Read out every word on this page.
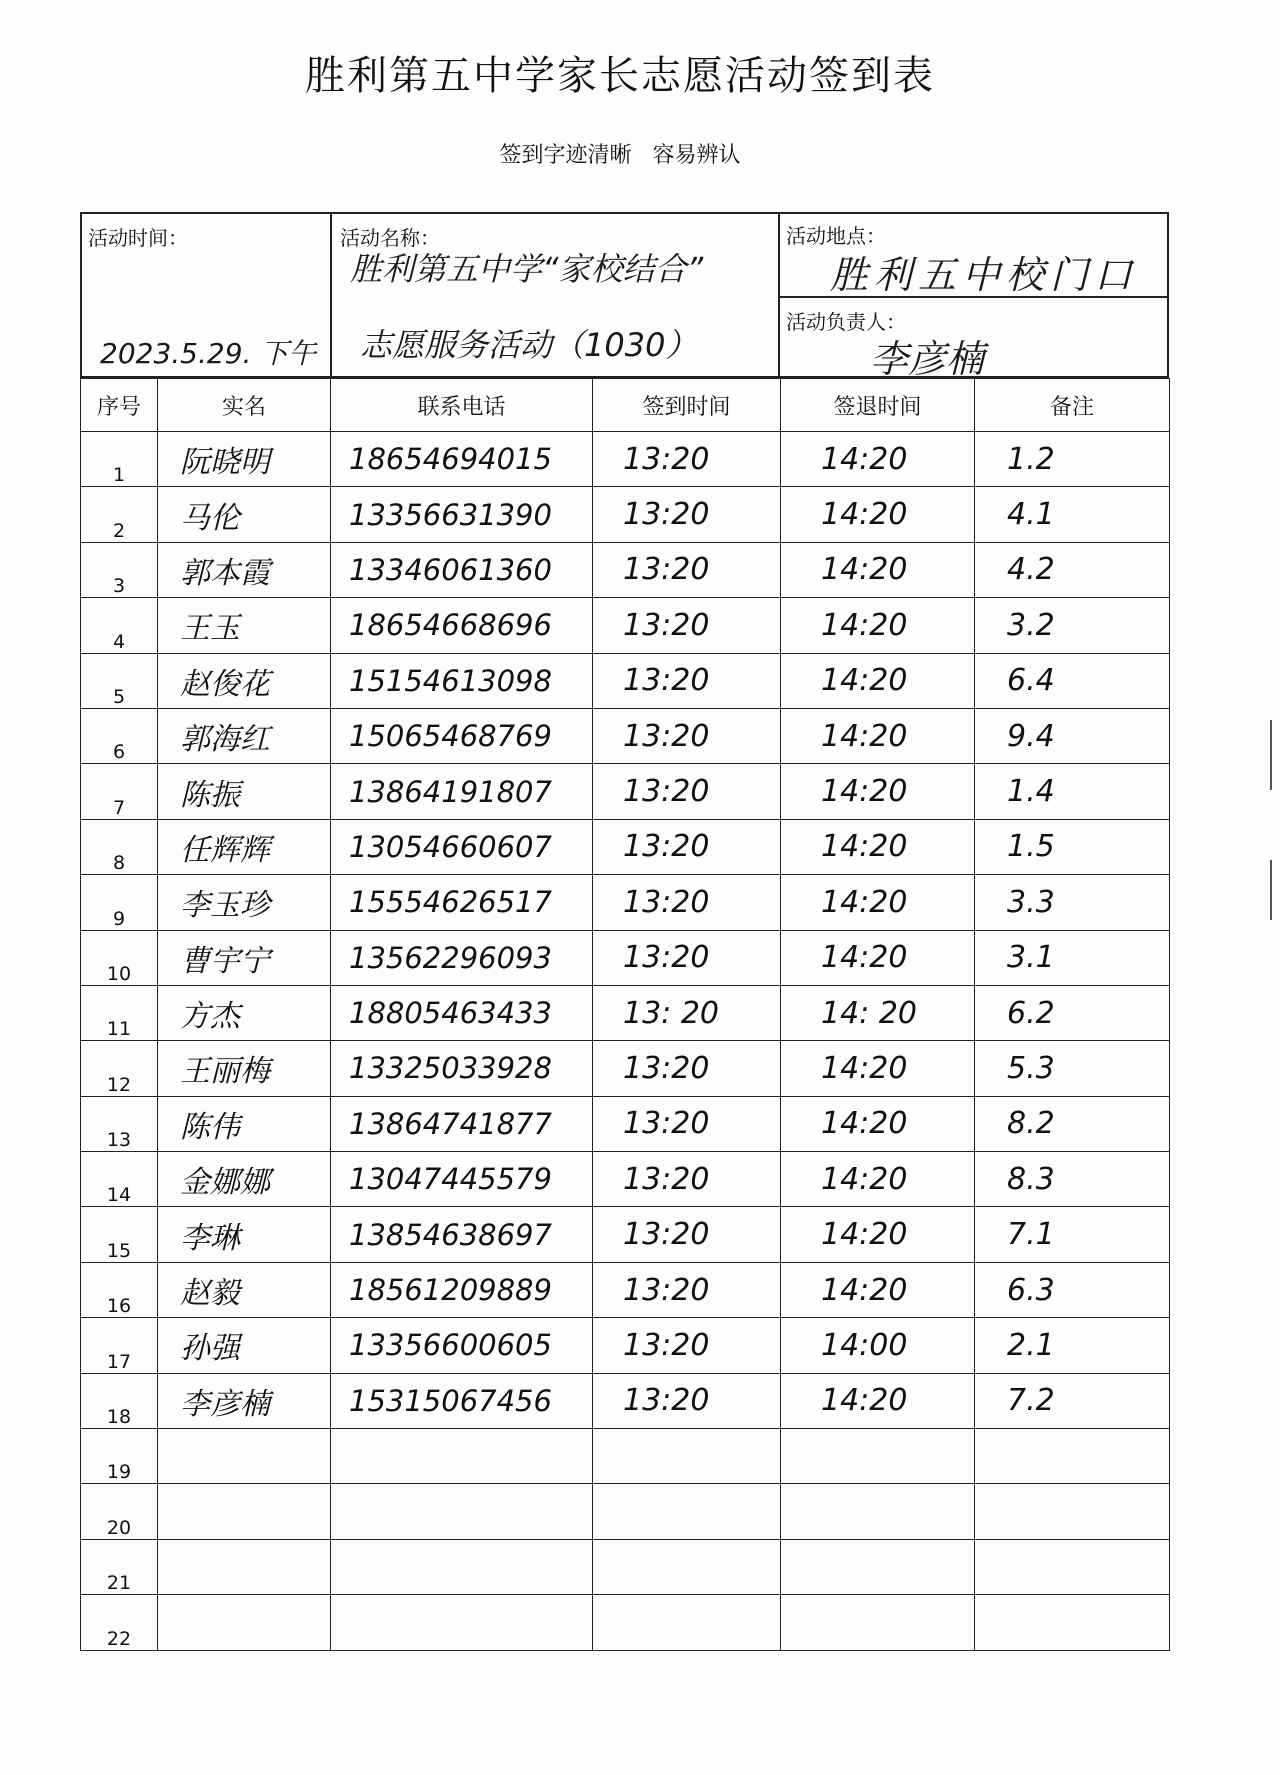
胜利第五中学家长志愿活动签到表
签到字迹清晰   容易辨认
活动时间：
2023.5.29. 下午
活动名称：
胜利第五中学“家校结合”
志愿服务活动（1030）
活动地点：
胜利五中校门口
活动负责人：
李彦楠
序号	实名	联系电话	签到时间	签退时间	备注
1	阮晓明	18654694015	13:20	14:20	1.2
2	马伦	13356631390	13:20	14:20	4.1
3	郭本霞	13346061360	13:20	14:20	4.2
4	王玉	18654668696	13:20	14:20	3.2
5	赵俊花	15154613098	13:20	14:20	6.4
6	郭海红	15065468769	13:20	14:20	9.4
7	陈振	13864191807	13:20	14:20	1.4
8	任辉辉	13054660607	13:20	14:20	1.5
9	李玉珍	15554626517	13:20	14:20	3.3
10	曹宇宁	13562296093	13:20	14:20	3.1
11	方杰	18805463433	13: 20	14: 20	6.2
12	王丽梅	13325033928	13:20	14:20	5.3
13	陈伟	13864741877	13:20	14:20	8.2
14	金娜娜	13047445579	13:20	14:20	8.3
15	李琳	13854638697	13:20	14:20	7.1
16	赵毅	18561209889	13:20	14:20	6.3
17	孙强	13356600605	13:20	14:00	2.1
18	李彦楠	15315067456	13:20	14:20	7.2
19					
20					
21					
22					
